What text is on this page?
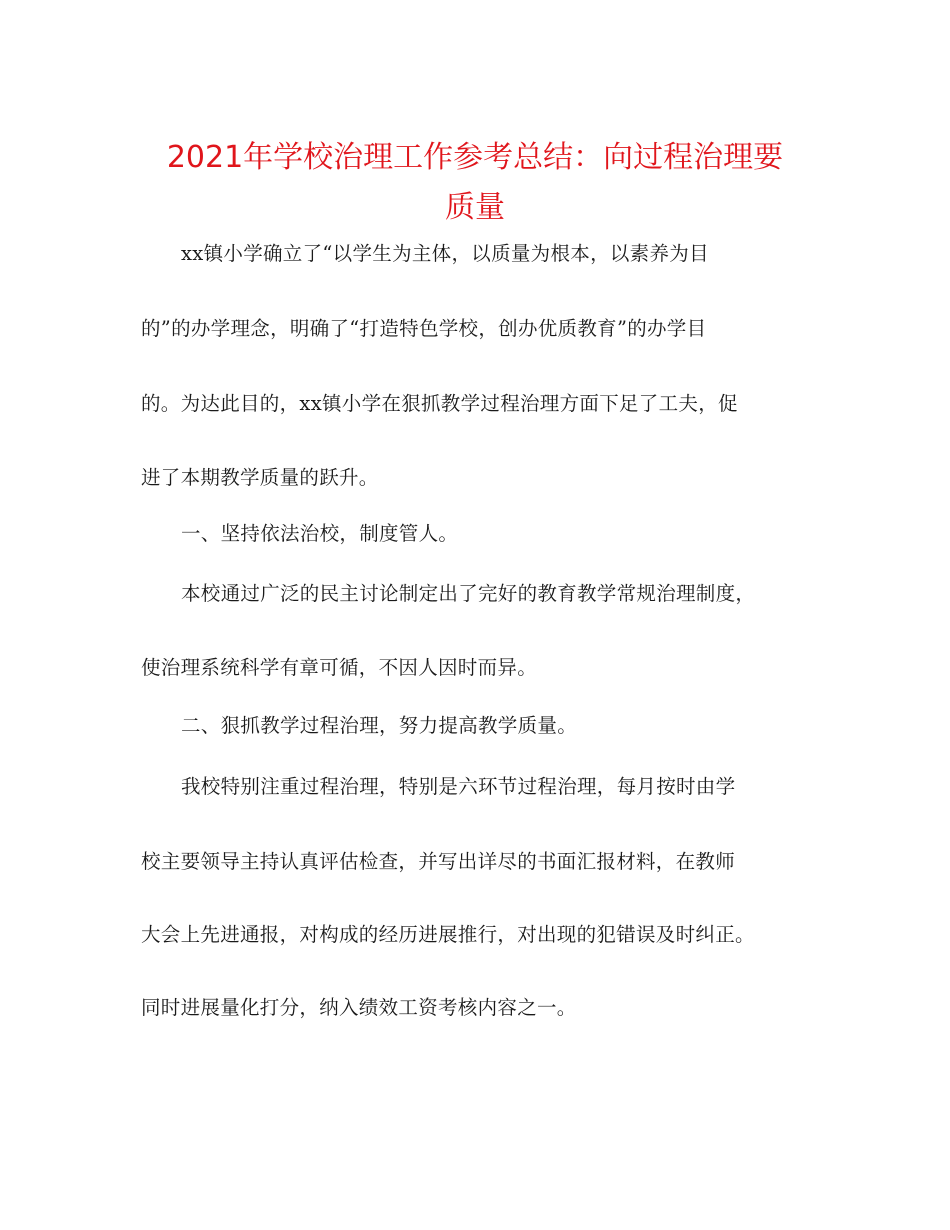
2021年学校治理工作参考总结：向过程治理要
质量
xx镇小学确立了“以学生为主体，以质量为根本，以素养为目
的”的办学理念，明确了“打造特色学校，创办优质教育”的办学目
的。为达此目的，xx镇小学在狠抓教学过程治理方面下足了工夫，促
进了本期教学质量的跃升。
一、坚持依法治校，制度管人。
本校通过广泛的民主讨论制定出了完好的教育教学常规治理制度，
使治理系统科学有章可循，不因人因时而异。
二、狠抓教学过程治理，努力提高教学质量。
我校特别注重过程治理，特别是六环节过程治理，每月按时由学
校主要领导主持认真评估检查，并写出详尽的书面汇报材料，在教师
大会上先进通报，对构成的经历进展推行，对出现的犯错误及时纠正。
同时进展量化打分，纳入绩效工资考核内容之一。
